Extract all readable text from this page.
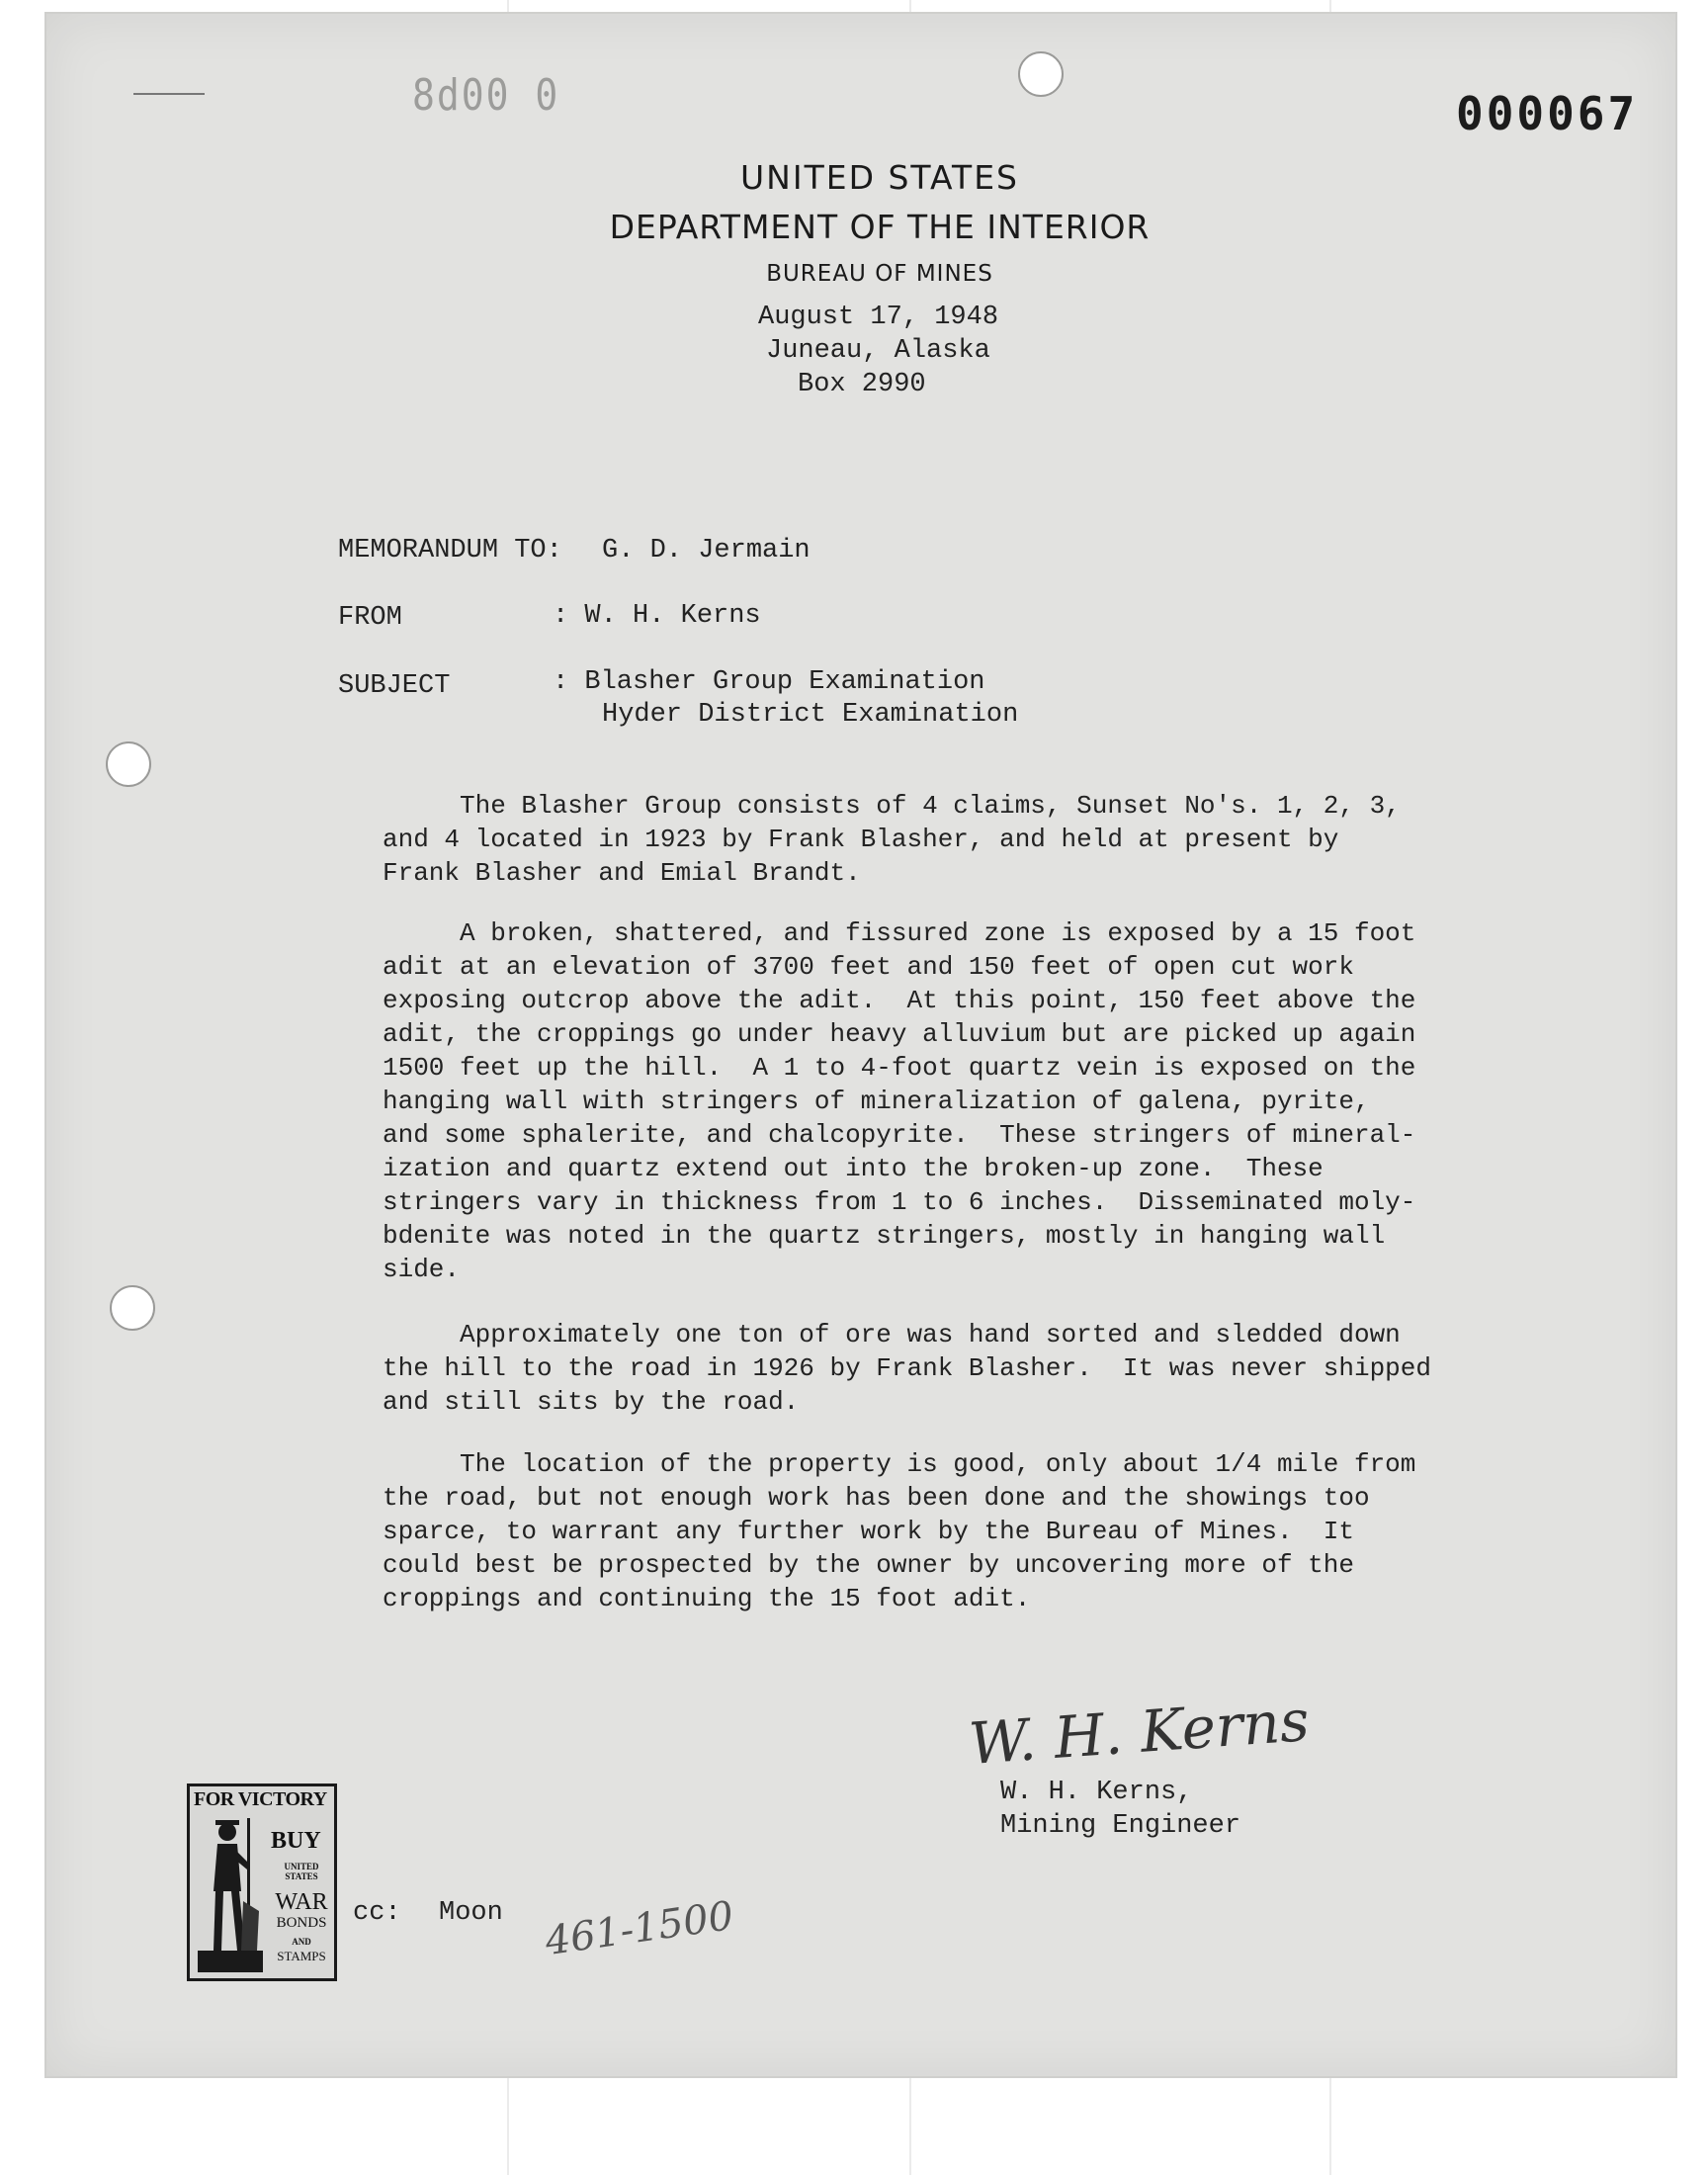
8d00 0	000067
UNITED STATES
DEPARTMENT OF THE INTERIOR
BUREAU OF MINES
August 17, 1948
Juneau, Alaska
Box 2990
MEMORANDUM TO: G. D. Jermain
FROM	: W. H. Kerns
SUBJECT	: Blasher Group Examination
Hyder District Examination
The Blasher Group consists of 4 claims, Sunset No's. 1, 2, 3,
and 4 located in 1923 by Frank Blasher, and held at present by
Frank Blasher and Emial Brandt.
A broken, shattered, and fissured zone is exposed by a 15 foot
adit at an elevation of 3700 feet and 150 feet of open cut work
exposing outcrop above the adit.  At this point, 150 feet above the
adit, the croppings go under heavy alluvium but are picked up again
1500 feet up the hill.  A 1 to 4-foot quartz vein is exposed on the
hanging wall with stringers of mineralization of galena, pyrite,
and some sphalerite, and chalcopyrite.  These stringers of mineral-
ization and quartz extend out into the broken-up zone.  These
stringers vary in thickness from 1 to 6 inches.  Disseminated moly-
bdenite was noted in the quartz stringers, mostly in hanging wall
side.
Approximately one ton of ore was hand sorted and sledded down
the hill to the road in 1926 by Frank Blasher.  It was never shipped
and still sits by the road.
The location of the property is good, only about 1/4 mile from
the road, but not enough work has been done and the showings too
sparce, to warrant any further work by the Bureau of Mines.  It
could best be prospected by the owner by uncovering more of the
croppings and continuing the 15 foot adit.
W. H. Kerns
W. H. Kerns,
Mining Engineer
cc: Moon 461-1500
FOR VICTORY
BUY
UNITED
STATES
WAR
BONDS
AND
STAMPS
